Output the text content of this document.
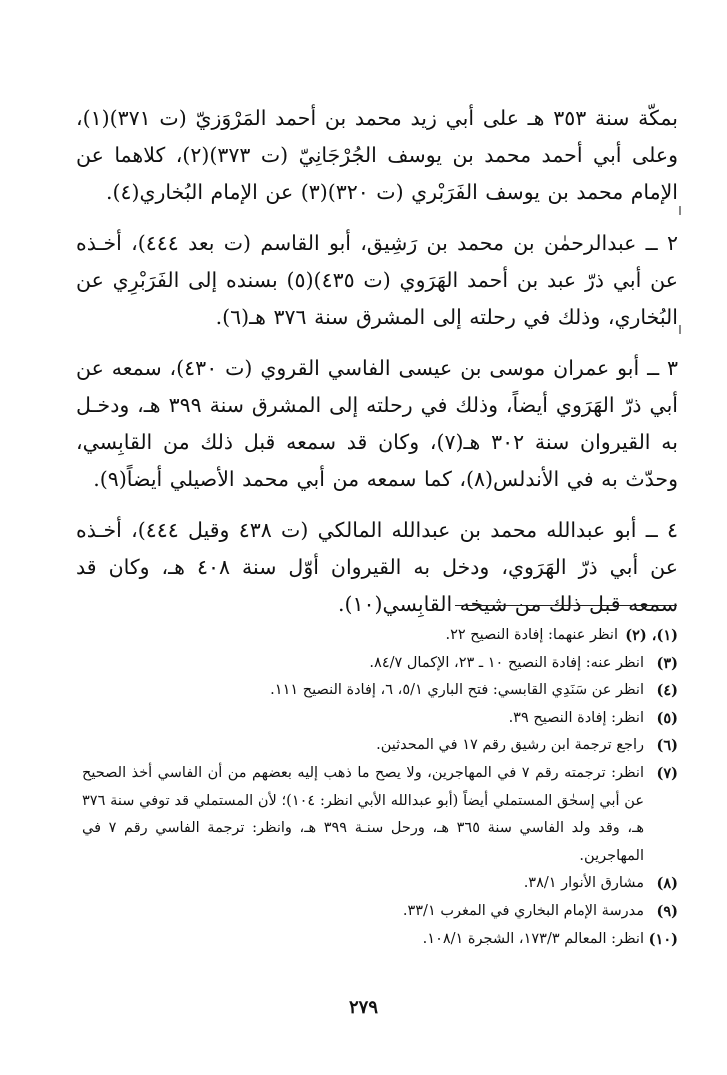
بمكّة سنة ٣٥٣ هـ على أبي زيد محمد بن أحمد المَرْوَزيّ (ت ٣٧١)(١)، وعلى أبي أحمد محمد بن يوسف الجُرْجَانِيّ (ت ٣٧٣)(٢)، كلاهما عن الإمام محمد بن يوسف الفَرَبْري (ت ٣٢٠)(٣) عن الإمام البُخاري(٤).

٢ ــ عبدالرحمٰن بن محمد بن رَشِيق، أبو القاسم (ت بعد ٤٤٤)، أخـذه عن أبي ذرّ عبد بن أحمد الهَرَوي (ت ٤٣٥)(٥) بسنده إلى الفَرَبْرِي عن البُخاري، وذلك في رحلته إلى المشرق سنة ٣٧٦ هـ(٦).

٣ ــ أبو عمران موسى بن عيسى الفاسي القروي (ت ٤٣٠)، سمعه عن أبي ذرّ الهَرَوي أيضاً، وذلك في رحلته إلى المشرق سنة ٣٩٩ هـ، ودخـل به القيروان سنة ٣٠٢ هـ(٧)، وكان قد سمعه قبل ذلك من القابِسي، وحدّث به في الأندلس(٨)، كما سمعه من أبي محمد الأصيلي أيضاً(٩).

٤ ــ أبو عبدالله محمد بن عبدالله المالكي (ت ٤٣٨ وقيل ٤٤٤)، أخـذه عن أبي ذرّ الهَرَوي، ودخل به القيروان أوّل سنة ٤٠٨ هـ، وكان قد سمعه قبل ذلك من شيخه القابِسي(١٠).

(١)، (٢)
انظر عنهما: إفادة النصيح ٢٢.
(٣)
انظر عنه: إفادة النصيح ١٠ ـ ٢٣، الإكمال ٨٤/٧.
(٤)
انظر عن سَنَدِي القابسي: فتح الباري ٥/١، ٦، إفادة النصيح ١١١.
(٥)
انظر: إفادة النصيح ٣٩.
(٦)
راجع ترجمة ابن رشيق رقم ١٧ في المحدثين.
(٧)
انظر: ترجمته رقم ٧ في المهاجرين، ولا يصح ما ذهب إليه بعضهم من أن الفاسي أخذ الصحيح عن أبي إسحٰق المستملي أيضاً (أبو عبدالله الأبي انظر: ١٠٤)؛ لأن المستملي قد توفي سنة ٣٧٦ هـ، وقد ولد الفاسي سنة ٣٦٥ هـ، ورحل سنـة ٣٩٩ هـ، وانظر: ترجمة الفاسي رقم ٧ في المهاجرين.
(٨)
مشارق الأنوار ٣٨/١.
(٩)
مدرسة الإمام البخاري في المغرب ٣٣/١.
(١٠)
انظر: المعالم ١٧٣/٣، الشجرة ١٠٨/١.
٢٧٩
